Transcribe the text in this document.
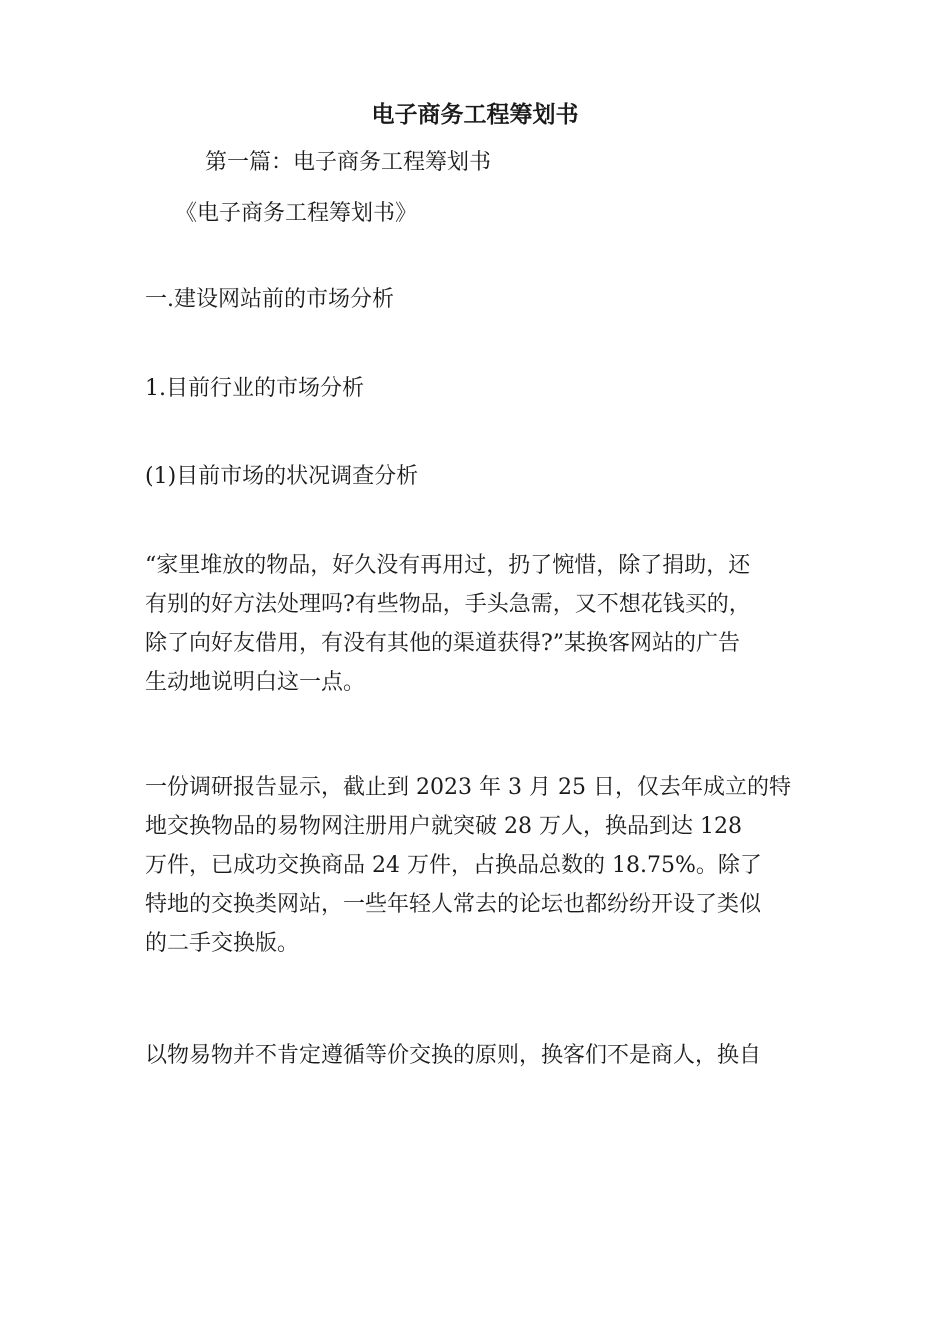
电子商务工程筹划书
第一篇：电子商务工程筹划书
《电子商务工程筹划书》
一.建设网站前的市场分析
1.目前行业的市场分析
(1)目前市场的状况调查分析
“家里堆放的物品，好久没有再用过，扔了惋惜，除了捐助，还
有别的好方法处理吗?有些物品，手头急需，又不想花钱买的，
除了向好友借用，有没有其他的渠道获得?”某换客网站的广告
生动地说明白这一点。
一份调研报告显示，截止到 2023 年 3 月 25 日，仅去年成立的特
地交换物品的易物网注册用户就突破 28 万人，换品到达 128
万件，已成功交换商品 24 万件，占换品总数的 18.75%。除了
特地的交换类网站，一些年轻人常去的论坛也都纷纷开设了类似
的二手交换版。
以物易物并不肯定遵循等价交换的原则，换客们不是商人，换自
